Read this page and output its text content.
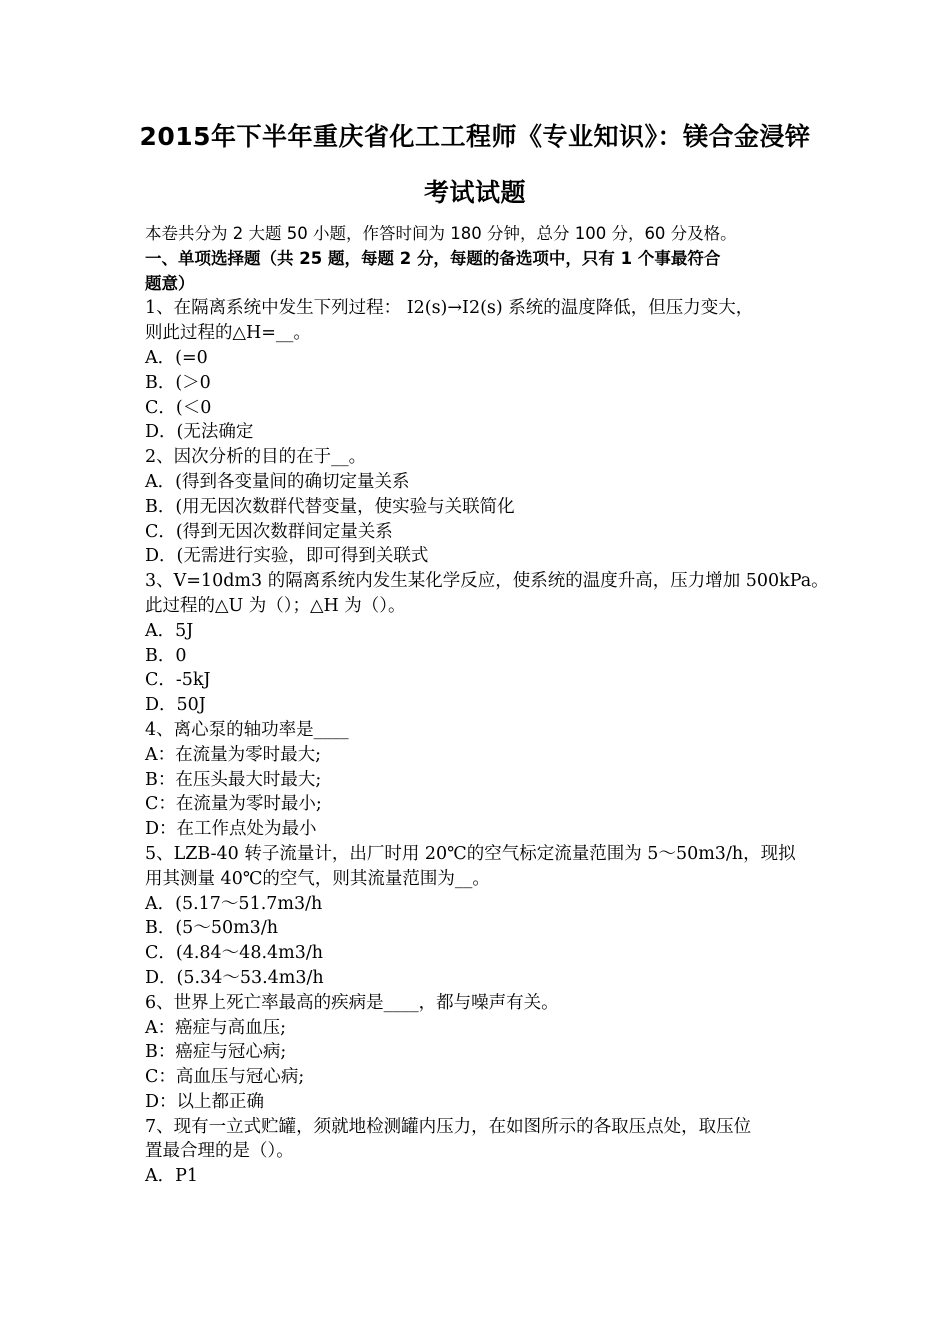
2015年下半年重庆省化工工程师《专业知识》：镁合金浸锌
考试试题
本卷共分为 2 大题 50 小题，作答时间为 180 分钟，总分 100 分，60 分及格。
一、单项选择题（共 25 题，每题 2 分，每题的备选项中，只有 1 个事最符合
题意）
1、在隔离系统中发生下列过程： I2(s)→I2(s) 系统的温度降低，但压力变大，
则此过程的△H=__。
A．(=0
B．(＞0
C．(＜0
D．(无法确定
2、因次分析的目的在于__。
A．(得到各变量间的确切定量关系
B．(用无因次数群代替变量，使实验与关联简化
C．(得到无因次数群间定量关系
D．(无需进行实验，即可得到关联式
3、V=10dm3 的隔离系统内发生某化学反应，使系统的温度升高，压力增加 500kPa。
此过程的△U 为（）；△H 为（）。
A．5J
B．0
C．-5kJ
D．50J
4、离心泵的轴功率是____
A：在流量为零时最大;
B：在压头最大时最大;
C：在流量为零时最小;
D：在工作点处为最小
5、LZB-40 转子流量计，出厂时用 20℃的空气标定流量范围为 5～50m3/h，现拟
用其测量 40℃的空气，则其流量范围为__。
A．(5.17～51.7m3/h
B．(5～50m3/h
C．(4.84～48.4m3/h
D．(5.34～53.4m3/h
6、世界上死亡率最高的疾病是____，都与噪声有关。
A：癌症与高血压;
B：癌症与冠心病;
C：高血压与冠心病;
D：以上都正确
7、现有一立式贮罐，须就地检测罐内压力，在如图所示的各取压点处，取压位
置最合理的是（）。
A．P1
